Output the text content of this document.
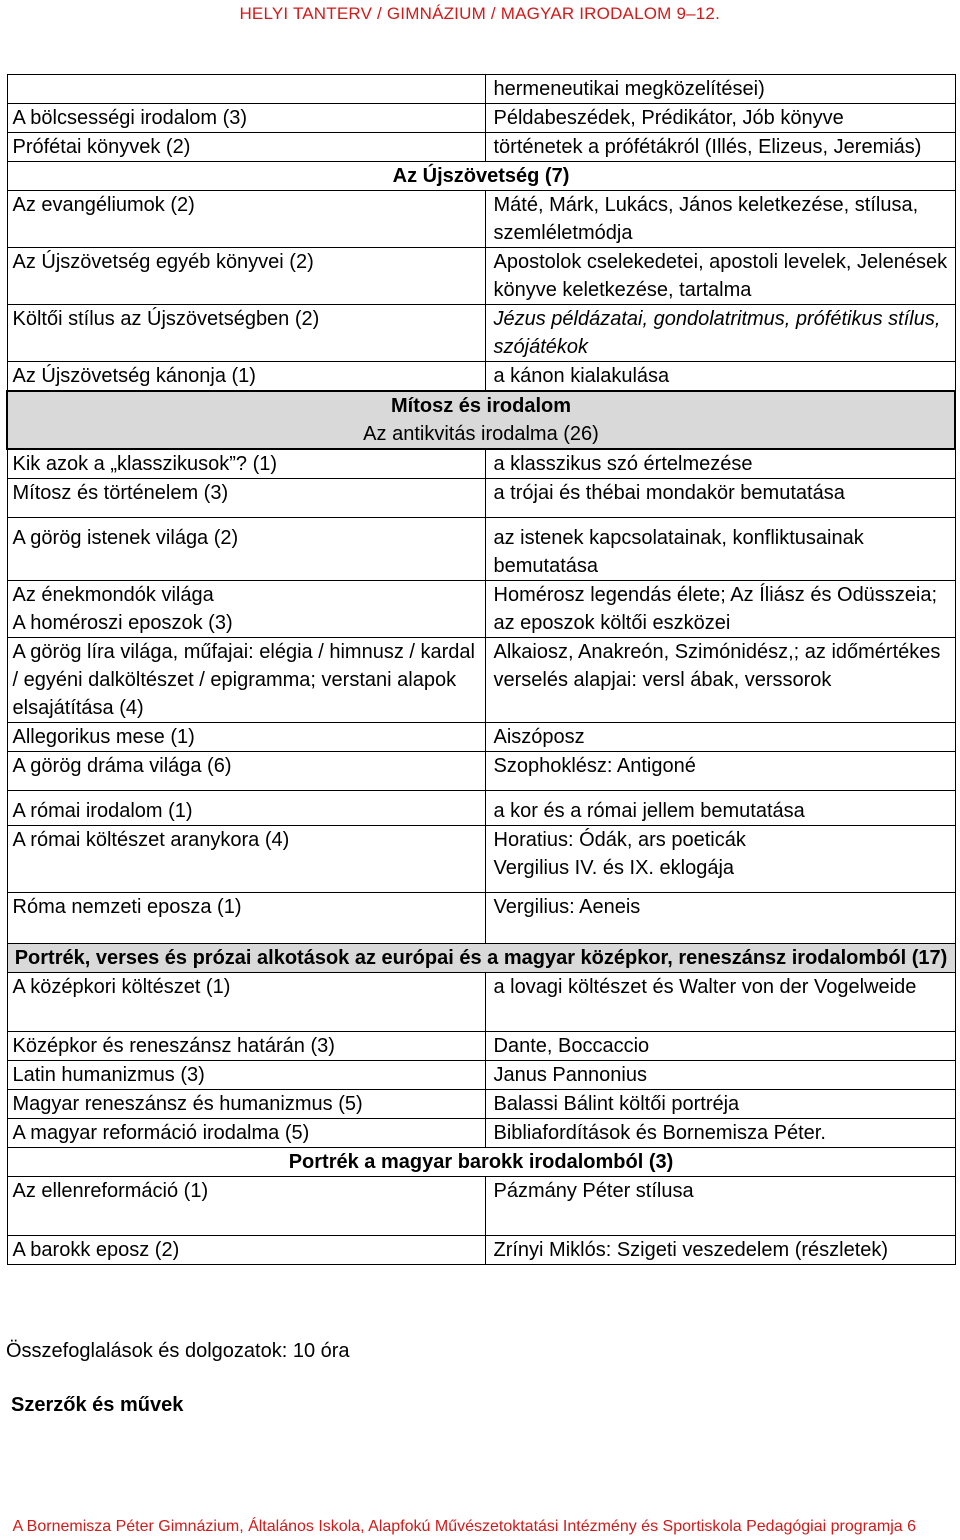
HELYI TANTERV / GIMNÁZIUM / MAGYAR IRODALOM 9–12.
	hermeneutikai megközelítései)
A bölcsességi irodalom (3)	Példabeszédek, Prédikátor, Jób könyve
Prófétai könyvek (2)	történetek a prófétákról (Illés, Elizeus, Jeremiás)
Az Újszövetség (7)	
Az evangéliumok (2)	Máté, Márk, Lukács, János keletkezése, stílusa, szemléletmódja
Az Újszövetség egyéb könyvei (2)	Apostolok cselekedetei, apostoli levelek, Jelenések könyve keletkezése, tartalma
Költői stílus az Újszövetségben (2)	Jézus példázatai, gondolatritmus, prófétikus stílus, szójátékok
Az Újszövetség kánonja (1)	a kánon kialakulása

Mítosz és irodalom
Az antikvitás irodalma (26)	

Kik azok a „klasszikusok”? (1)	a klasszikus szó értelmezése
Mítosz és történelem (3)	a trójai és thébai mondakör bemutatása
A görög istenek világa (2)	az istenek kapcsolatainak, konfliktusainak bemutatása
Az énekmondók világa
A homéroszi eposzok (3)	Homérosz legendás élete; Az Íliász és Odüsszeia; az eposzok költői eszközei
A görög líra világa, műfajai: elégia / himnusz / kardal / egyéni dalköltészet / epigramma; verstani alapok elsajátítása (4)	Alkaiosz, Anakreón, Szimónidész,; az időmértékes verselés alapjai: versl ábak, verssorok
Allegorikus mese (1)	Aiszóposz
A görög dráma világa (6)	Szophoklész: Antigoné
A római irodalom (1)	a kor és a római jellem bemutatása
A római költészet aranykora (4)	Horatius: Ódák, ars poeticák
Vergilius IV. és IX. eklogája
Róma nemzeti eposza (1)	Vergilius: Aeneis
Portrék, verses és prózai alkotások az európai és a magyar középkor, reneszánsz irodalomból (17)	
A középkori költészet (1)	a lovagi költészet és Walter von der Vogelweide
Középkor és reneszánsz határán (3)	Dante, Boccaccio
Latin humanizmus (3)	Janus Pannonius
Magyar reneszánsz és humanizmus (5)	Balassi Bálint költői portréja
A magyar reformáció irodalma (5)	Bibliafordítások és Bornemisza Péter.
Portrék a magyar barokk irodalomból (3)	
Az ellenreformáció (1)	Pázmány Péter stílusa
A barokk eposz (2)	Zrínyi Miklós: Szigeti veszedelem (részletek)
Összefoglalások és dolgozatok: 10 óra
Szerzők és művek
A Bornemisza Péter Gimnázium, Általános Iskola, Alapfokú Művészetoktatási Intézmény és Sportiskola Pedagógiai programja 6
